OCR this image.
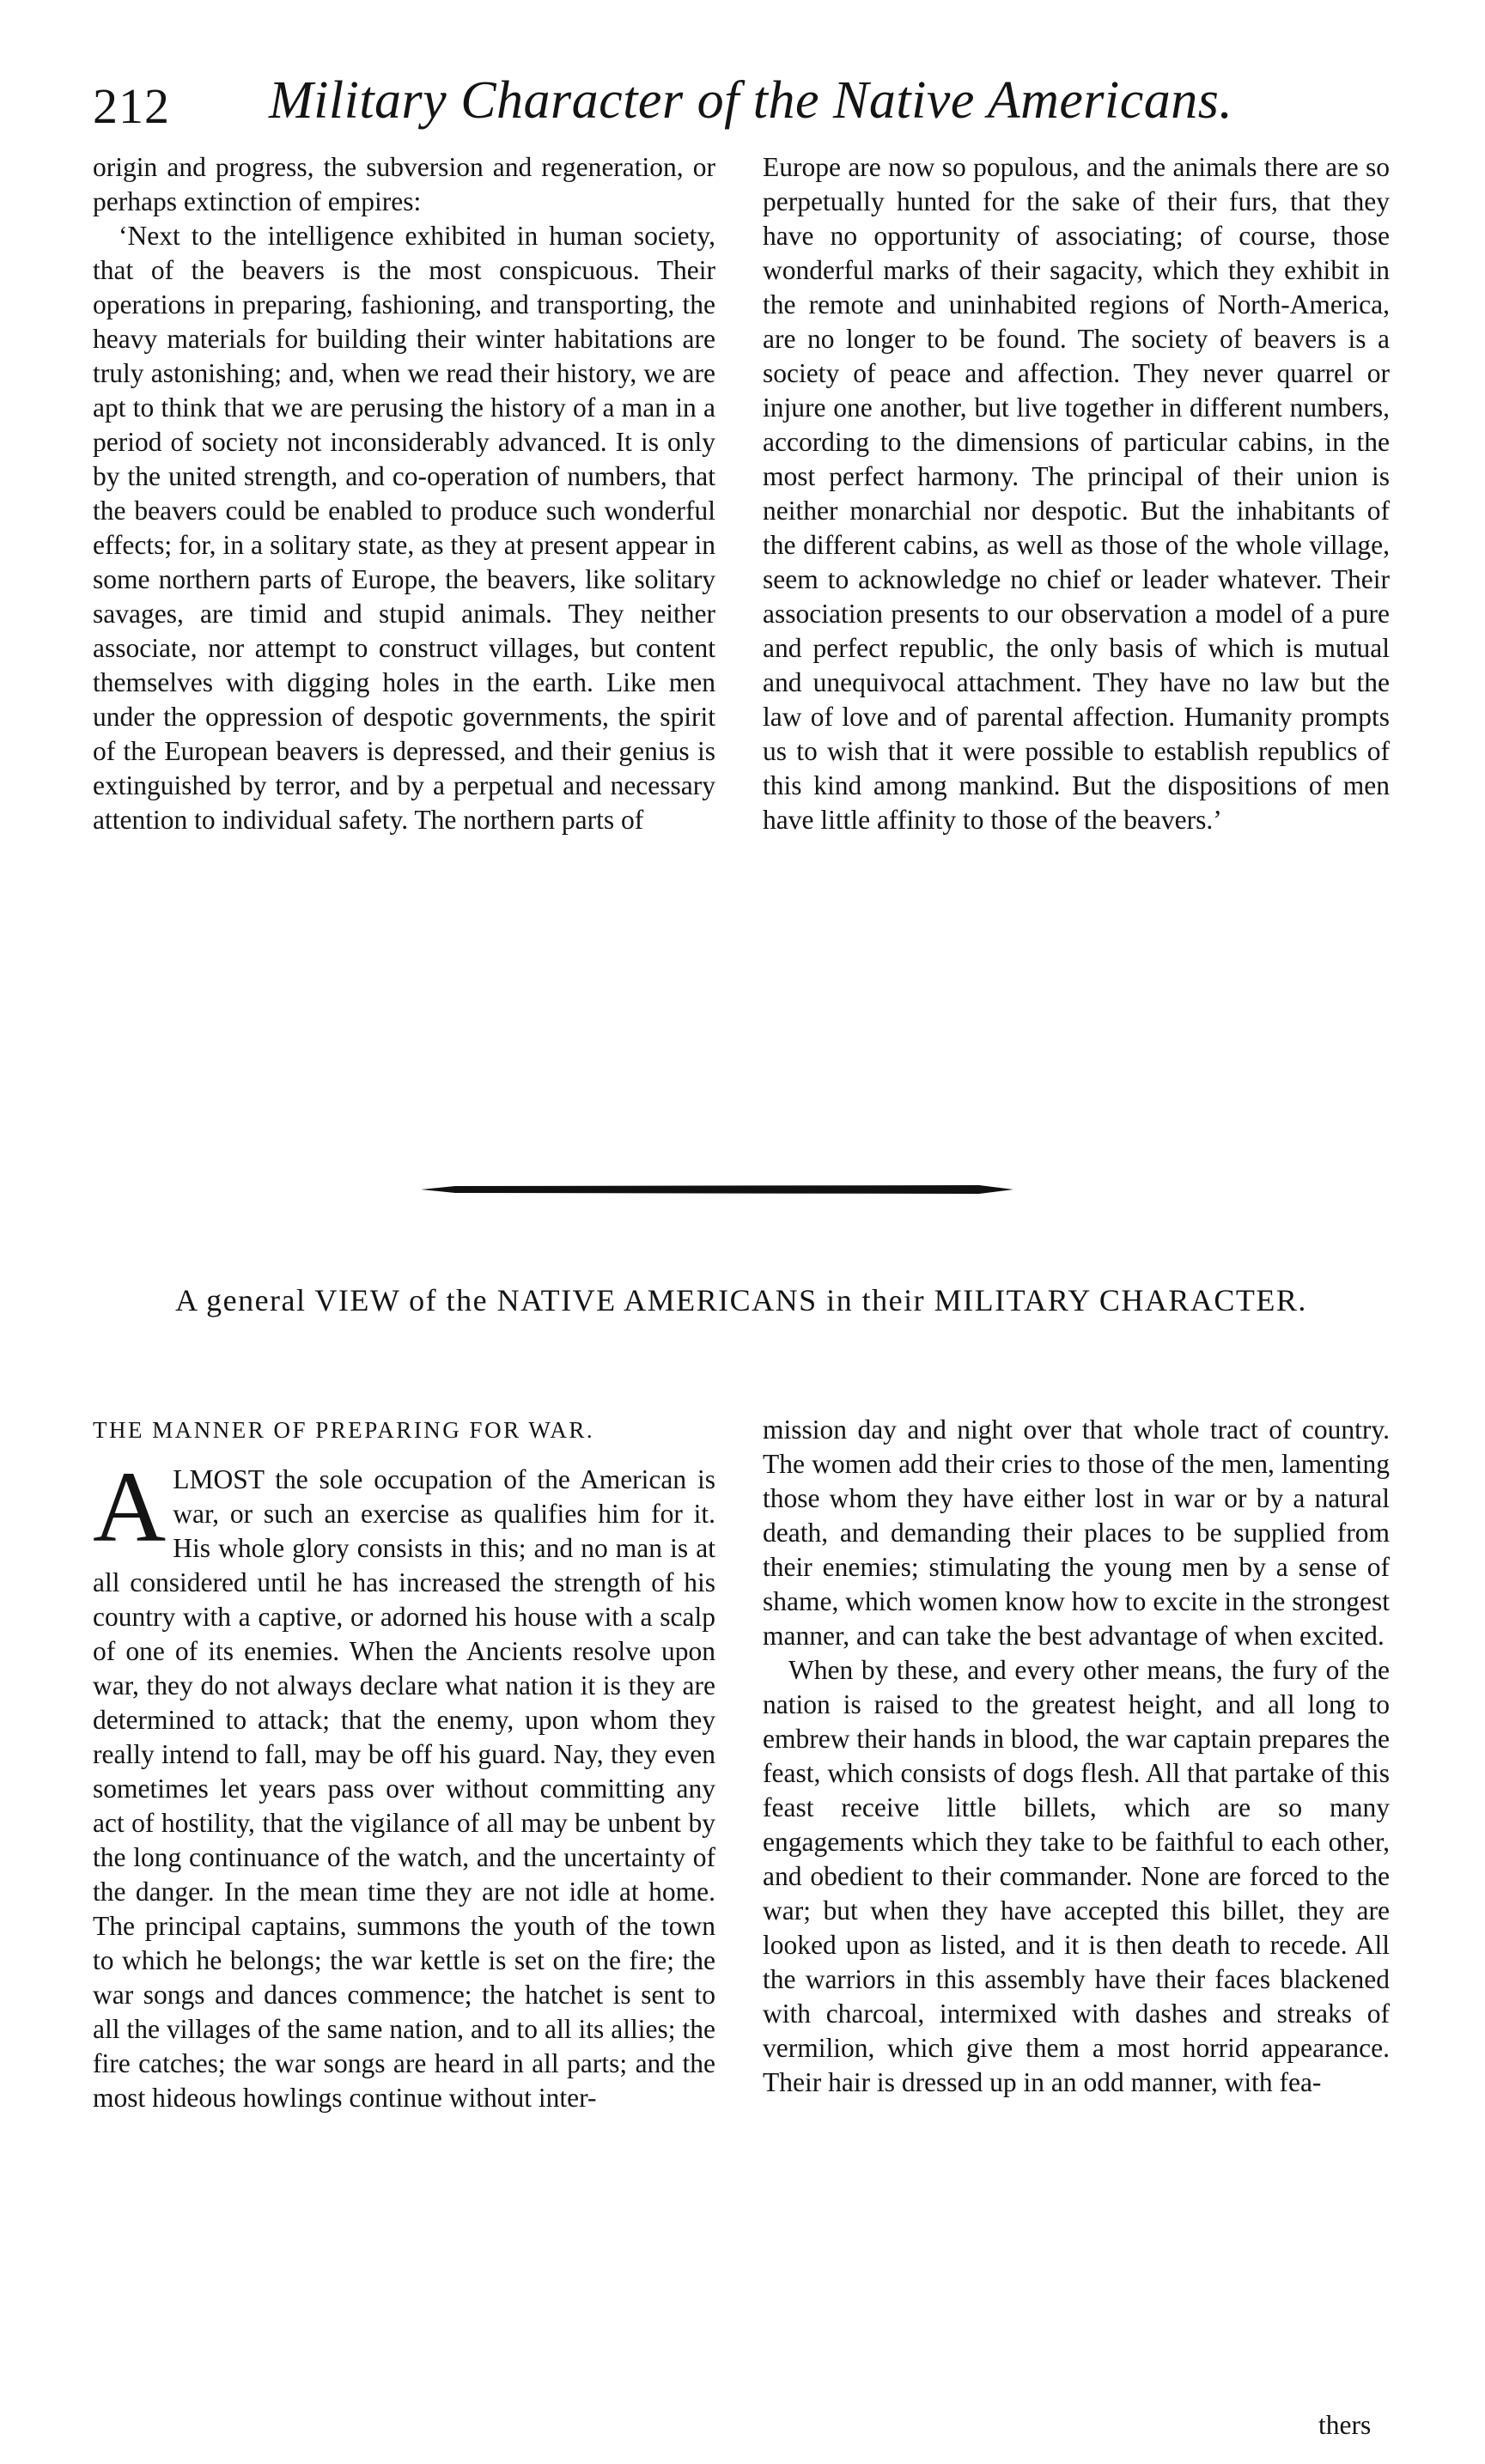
212 Military Character of the Native Americans.

origin and progress, the subversion and regeneration, or perhaps extinction of empires:

‘Next to the intelligence exhibited in human society, that of the beavers is the most conspicuous. Their operations in preparing, fashioning, and transporting, the heavy materials for building their winter habitations are truly astonishing; and, when we read their history, we are apt to think that we are perusing the history of a man in a period of society not inconsiderably advanced. It is only by the united strength, and co-operation of numbers, that the beavers could be enabled to produce such wonderful effects; for, in a solitary state, as they at present appear in some northern parts of Europe, the beavers, like solitary savages, are timid and stupid animals. They neither associate, nor attempt to construct villages, but content themselves with digging holes in the earth. Like men under the oppression of despotic governments, the spirit of the European beavers is depressed, and their genius is extinguished by terror, and by a perpetual and necessary attention to individual safety. The northern parts of

Europe are now so populous, and the animals there are so perpetually hunted for the sake of their furs, that they have no opportunity of associating; of course, those wonderful marks of their sagacity, which they exhibit in the remote and uninhabited regions of North-America, are no longer to be found. The society of beavers is a society of peace and affection. They never quarrel or injure one another, but live together in different numbers, according to the dimensions of particular cabins, in the most perfect harmony. The principal of their union is neither monarchial nor despotic. But the inhabitants of the different cabins, as well as those of the whole village, seem to acknowledge no chief or leader whatever. Their association presents to our observation a model of a pure and perfect republic, the only basis of which is mutual and unequivocal attachment. They have no law but the law of love and of parental affection. Humanity prompts us to wish that it were possible to establish republics of this kind among mankind. But the dispositions of men have little affinity to those of the beavers.’

A general VIEW of the NATIVE AMERICANS in their MILITARY CHARACTER.
THE MANNER OF PREPARING FOR WAR.

ALMOST the sole occupation of the American is war, or such an exercise as qualifies him for it. His whole glory consists in this; and no man is at all considered until he has increased the strength of his country with a captive, or adorned his house with a scalp of one of its enemies. When the Ancients resolve upon war, they do not always declare what nation it is they are determined to attack; that the enemy, upon whom they really intend to fall, may be off his guard. Nay, they even sometimes let years pass over without committing any act of hostility, that the vigilance of all may be unbent by the long continuance of the watch, and the uncertainty of the danger. In the mean time they are not idle at home. The principal captains, summons the youth of the town to which he belongs; the war kettle is set on the fire; the war songs and dances commence; the hatchet is sent to all the villages of the same nation, and to all its allies; the fire catches; the war songs are heard in all parts; and the most hideous howlings continue without inter-

mission day and night over that whole tract of country. The women add their cries to those of the men, lamenting those whom they have either lost in war or by a natural death, and demanding their places to be supplied from their enemies; stimulating the young men by a sense of shame, which women know how to excite in the strongest manner, and can take the best advantage of when excited.

When by these, and every other means, the fury of the nation is raised to the greatest height, and all long to embrew their hands in blood, the war captain prepares the feast, which consists of dogs flesh. All that partake of this feast receive little billets, which are so many engagements which they take to be faithful to each other, and obedient to their commander. None are forced to the war; but when they have accepted this billet, they are looked upon as listed, and it is then death to recede. All the warriors in this assembly have their faces blackened with charcoal, intermixed with dashes and streaks of vermilion, which give them a most horrid appearance. Their hair is dressed up in an odd manner, with fea-

thers
